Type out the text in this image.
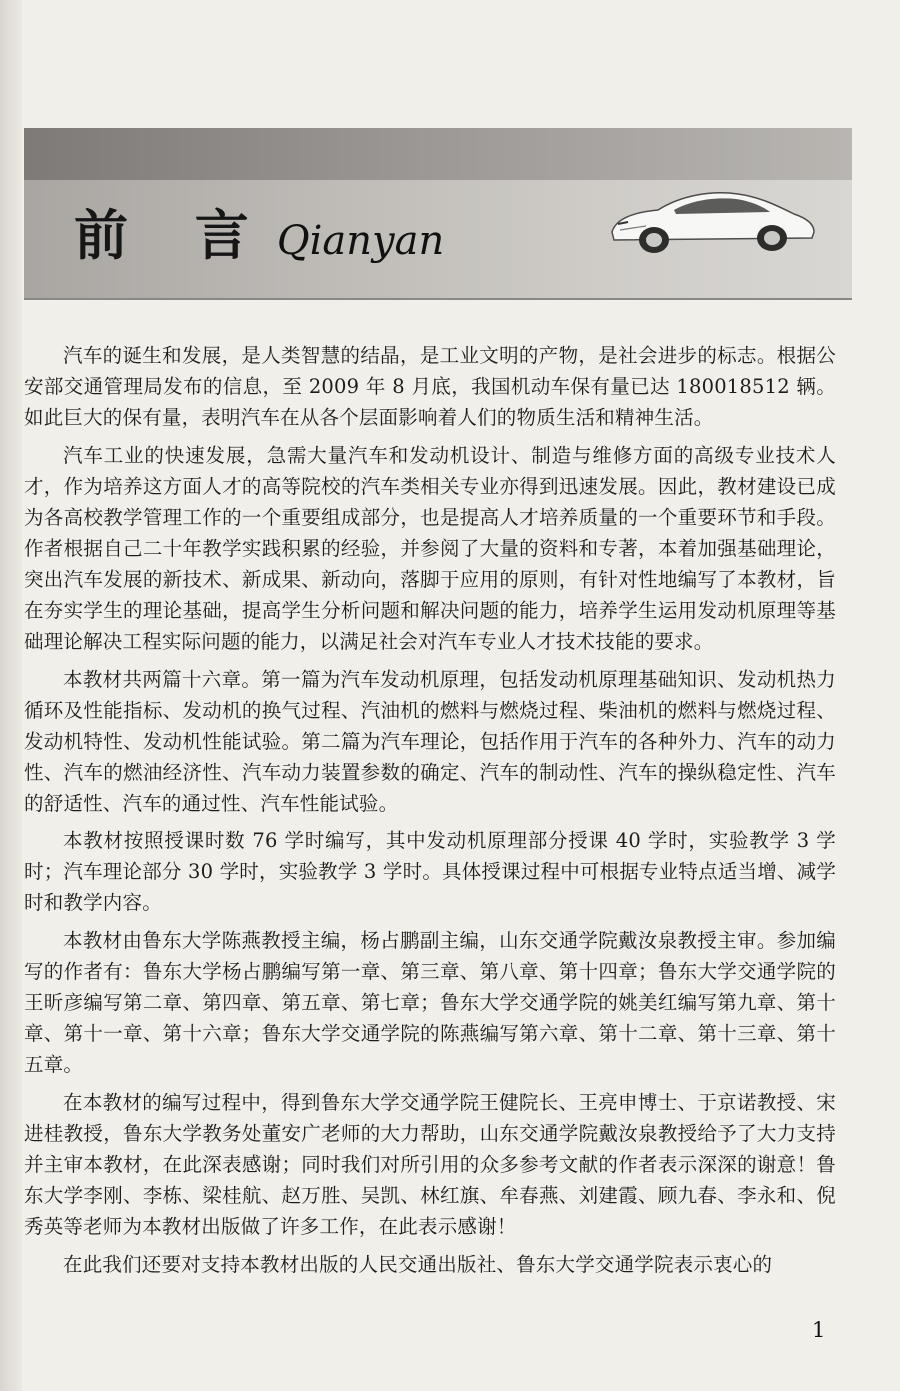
前 言 Qianyan

汽车的诞生和发展，是人类智慧的结晶，是工业文明的产物，是社会进步的标志。根据公安部交通管理局发布的信息，至 2009 年 8 月底，我国机动车保有量已达 180018512 辆。如此巨大的保有量，表明汽车在从各个层面影响着人们的物质生活和精神生活。

汽车工业的快速发展，急需大量汽车和发动机设计、制造与维修方面的高级专业技术人才，作为培养这方面人才的高等院校的汽车类相关专业亦得到迅速发展。因此，教材建设已成为各高校教学管理工作的一个重要组成部分，也是提高人才培养质量的一个重要环节和手段。作者根据自己二十年教学实践积累的经验，并参阅了大量的资料和专著，本着加强基础理论，突出汽车发展的新技术、新成果、新动向，落脚于应用的原则，有针对性地编写了本教材，旨在夯实学生的理论基础，提高学生分析问题和解决问题的能力，培养学生运用发动机原理等基础理论解决工程实际问题的能力，以满足社会对汽车专业人才技术技能的要求。

本教材共两篇十六章。第一篇为汽车发动机原理，包括发动机原理基础知识、发动机热力循环及性能指标、发动机的换气过程、汽油机的燃料与燃烧过程、柴油机的燃料与燃烧过程、发动机特性、发动机性能试验。第二篇为汽车理论，包括作用于汽车的各种外力、汽车的动力性、汽车的燃油经济性、汽车动力装置参数的确定、汽车的制动性、汽车的操纵稳定性、汽车的舒适性、汽车的通过性、汽车性能试验。

本教材按照授课时数 76 学时编写，其中发动机原理部分授课 40 学时，实验教学 3 学时；汽车理论部分 30 学时，实验教学 3 学时。具体授课过程中可根据专业特点适当增、减学时和教学内容。

本教材由鲁东大学陈燕教授主编，杨占鹏副主编，山东交通学院戴汝泉教授主审。参加编写的作者有：鲁东大学杨占鹏编写第一章、第三章、第八章、第十四章；鲁东大学交通学院的王昕彦编写第二章、第四章、第五章、第七章；鲁东大学交通学院的姚美红编写第九章、第十章、第十一章、第十六章；鲁东大学交通学院的陈燕编写第六章、第十二章、第十三章、第十五章。

在本教材的编写过程中，得到鲁东大学交通学院王健院长、王亮申博士、于京诺教授、宋进桂教授，鲁东大学教务处董安广老师的大力帮助，山东交通学院戴汝泉教授给予了大力支持并主审本教材，在此深表感谢；同时我们对所引用的众多参考文献的作者表示深深的谢意！鲁东大学李刚、李栋、梁桂航、赵万胜、吴凯、林红旗、牟春燕、刘建霞、顾九春、李永和、倪秀英等老师为本教材出版做了许多工作，在此表示感谢！

在此我们还要对支持本教材出版的人民交通出版社、鲁东大学交通学院表示衷心的

1
